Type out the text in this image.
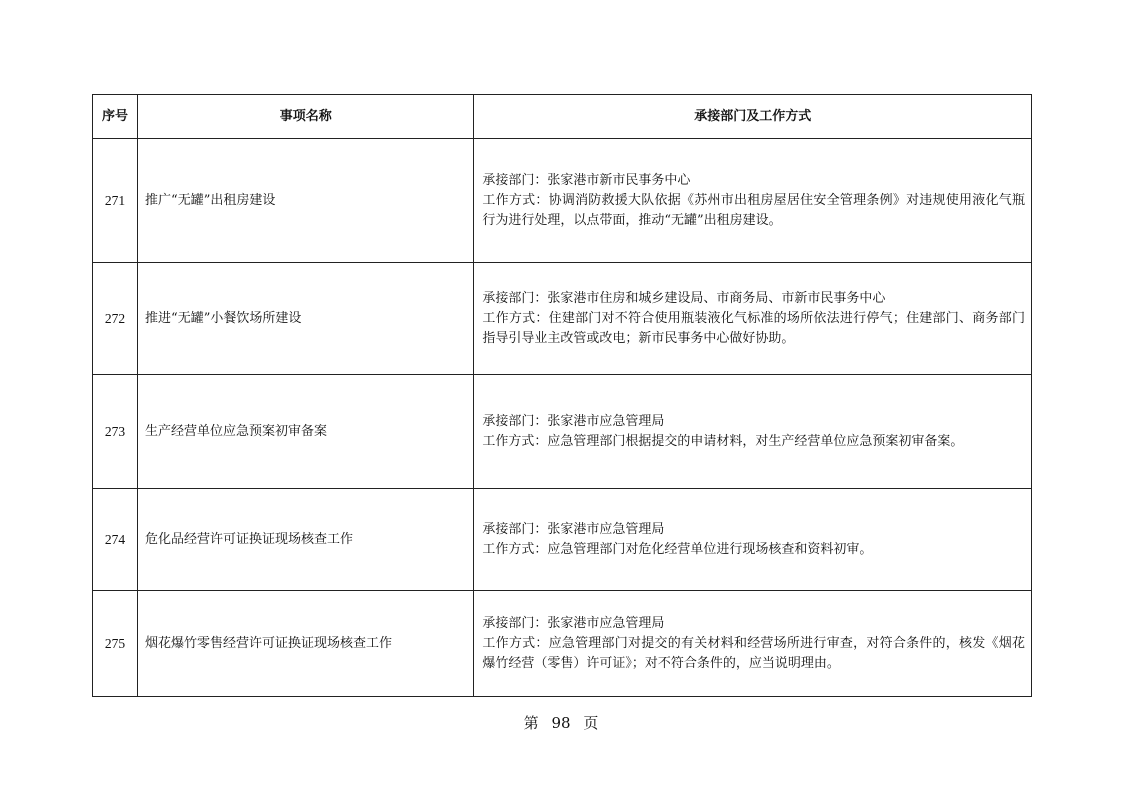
序号	事项名称	承接部门及工作方式
271	推广“无罐”出租房建设	承接部门：张家港市新市民事务中心
工作方式：协调消防救援大队依据《苏州市出租房屋居住安全管理条例》对违规使用液化气瓶行为进行处理，以点带面，推动“无罐”出租房建设。

272	推进“无罐”小餐饮场所建设	承接部门：张家港市住房和城乡建设局、市商务局、市新市民事务中心
工作方式：住建部门对不符合使用瓶装液化气标准的场所依法进行停气；住建部门、商务部门指导引导业主改管或改电；新市民事务中心做好协助。

273	生产经营单位应急预案初审备案	承接部门：张家港市应急管理局
工作方式：应急管理部门根据提交的申请材料，对生产经营单位应急预案初审备案。

274	危化品经营许可证换证现场核查工作	承接部门：张家港市应急管理局
工作方式：应急管理部门对危化经营单位进行现场核查和资料初审。

275	烟花爆竹零售经营许可证换证现场核查工作	承接部门：张家港市应急管理局
工作方式：应急管理部门对提交的有关材料和经营场所进行审查，对符合条件的，核发《烟花爆竹经营（零售）许可证》；对不符合条件的，应当说明理由。
第 98 页
